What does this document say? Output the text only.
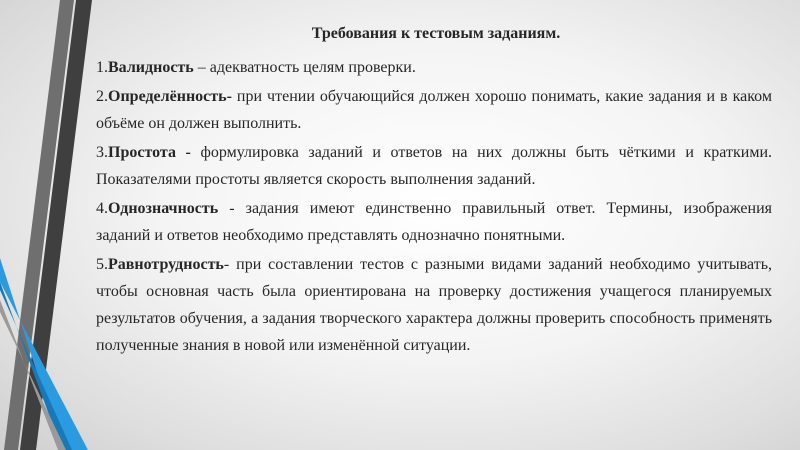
Требования к тестовым заданиям.
1.Валидность – адекватность целям проверки.
2.Определённость- при чтении обучающийся должен хорошо понимать, какие задания и в каком объёме он должен выполнить.
3.Простота - формулировка заданий и ответов на них должны быть чёткими и краткими. Показателями простоты является скорость выполнения заданий.
4.Однозначность - задания имеют единственно правильный ответ. Термины, изображения заданий и ответов необходимо представлять однозначно понятными.
5.Равнотрудность- при составлении тестов с разными видами заданий необходимо учитывать, чтобы основная часть была ориентирована на проверку достижения учащегося планируемых результатов обучения, а задания творческого характера должны проверить способность применять полученные знания в новой или изменённой ситуации.
